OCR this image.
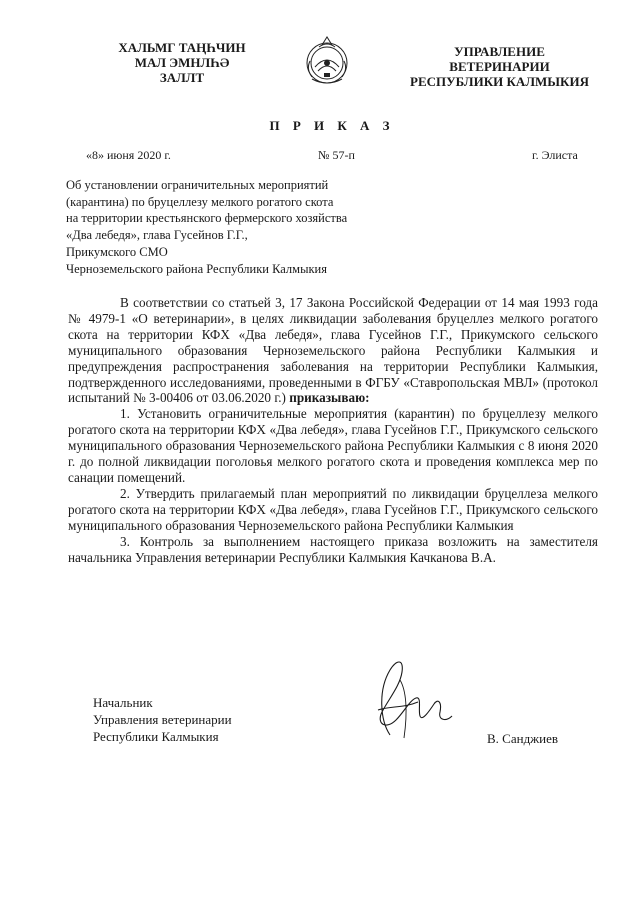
ХАЛЬМГ ТАҢҺЧИН
МАЛ ЭМНЛҺӘ
ЗАЛЛТ
УПРАВЛЕНИЕ
ВЕТЕРИНАРИИ
РЕСПУБЛИКИ КАЛМЫКИЯ
П Р И К А З
«8» июня 2020 г.	№ 57-п	г. Элиста
Об установлении ограничительных мероприятий
(карантина) по бруцеллезу мелкого рогатого скота
на территории крестьянского фермерского хозяйства
«Два лебедя», глава Гусейнов Г.Г.,
Прикумского СМО
Черноземельского района Республики Калмыкия

В соответствии со статьей 3, 17 Закона Российской Федерации от 14 мая 1993 года № 4979-1 «О ветеринарии», в целях ликвидации заболевания бруцеллез мелкого рогатого скота на территории КФХ «Два лебедя», глава Гусейнов Г.Г., Прикумского сельского муниципального образования Черноземельского района Республики Калмыкия и предупреждения распространения заболевания на территории Республики Калмыкия, подтвержденного исследованиями, проведенными в ФГБУ «Ставропольская МВЛ» (протокол испытаний № 3-00406 от 03.06.2020 г.) приказываю:

1. Установить ограничительные мероприятия (карантин) по бруцеллезу мелкого рогатого скота на территории КФХ «Два лебедя», глава Гусейнов Г.Г., Прикумского сельского муниципального образования Черноземельского района Республики Калмыкия с 8 июня 2020 г. до полной ликвидации поголовья мелкого рогатого скота и проведения комплекса мер по санации помещений.

2. Утвердить прилагаемый план мероприятий по ликвидации бруцеллеза мелкого рогатого скота на территории КФХ «Два лебедя», глава Гусейнов Г.Г., Прикумского сельского муниципального образования Черноземельского района Республики Калмыкия

3. Контроль за выполнением настоящего приказа возложить на заместителя начальника Управления ветеринарии Республики Калмыкия Качканова В.А.

Начальник
Управления ветеринарии
Республики Калмыкия	В. Санджиев
